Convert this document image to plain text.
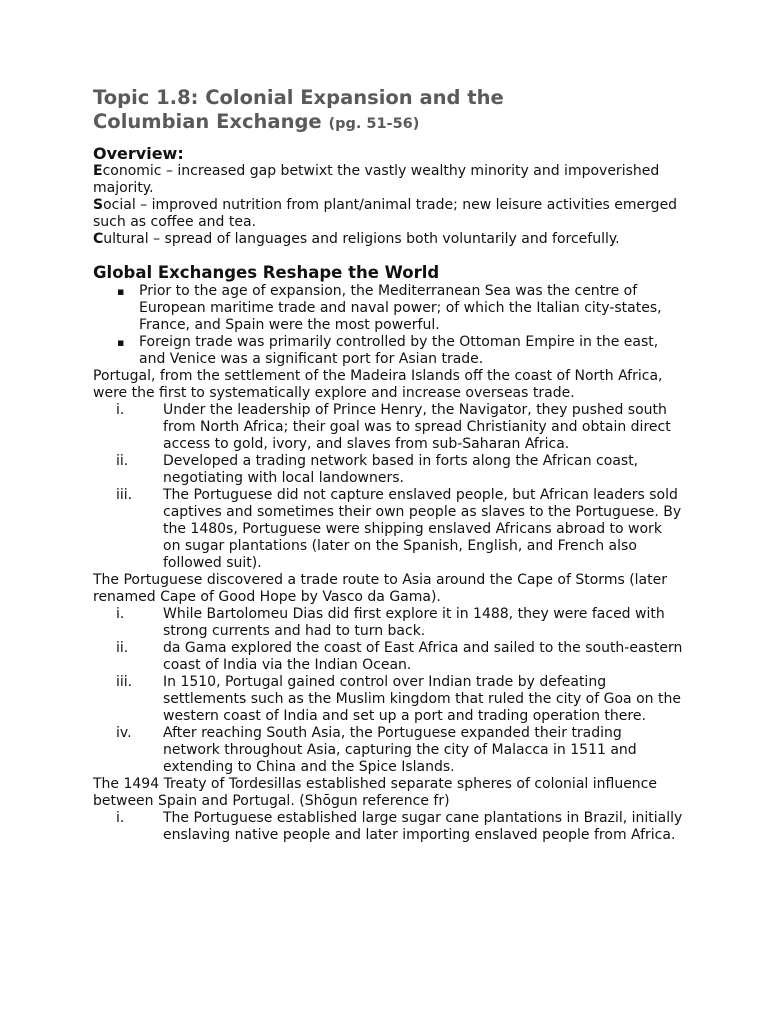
Topic 1.8: Colonial Expansion and the
Columbian Exchange (pg. 51-56)
Overview:
Economic – increased gap betwixt the vastly wealthy minority and impoverished majority.
Social – improved nutrition from plant/animal trade; new leisure activities emerged such as coffee and tea.
Cultural – spread of languages and religions both voluntarily and forcefully.
Global Exchanges Reshape the World
▪ Prior to the age of expansion, the Mediterranean Sea was the centre of European maritime trade and naval power; of which the Italian city-states, France, and Spain were the most powerful.
▪ Foreign trade was primarily controlled by the Ottoman Empire in the east, and Venice was a significant port for Asian trade.
Portugal, from the settlement of the Madeira Islands off the coast of North Africa, were the first to systematically explore and increase overseas trade.
i.	Under the leadership of Prince Henry, the Navigator, they pushed south from North Africa; their goal was to spread Christianity and obtain direct access to gold, ivory, and slaves from sub-Saharan Africa.
ii. Developed a trading network based in forts along the African coast, negotiating with local landowners.
iii. The Portuguese did not capture enslaved people, but African leaders sold captives and sometimes their own people as slaves to the Portuguese. By the 1480s, Portuguese were shipping enslaved Africans abroad to work on sugar plantations (later on the Spanish, English, and French also followed suit).
The Portuguese discovered a trade route to Asia around the Cape of Storms (later renamed Cape of Good Hope by Vasco da Gama).
i.	While Bartolomeu Dias did first explore it in 1488, they were faced with strong currents and had to turn back.
ii. da Gama explored the coast of East Africa and sailed to the south-eastern coast of India via the Indian Ocean.
iii. In 1510, Portugal gained control over Indian trade by defeating settlements such as the Muslim kingdom that ruled the city of Goa on the western coast of India and set up a port and trading operation there.
iv. After reaching South Asia, the Portuguese expanded their trading network throughout Asia, capturing the city of Malacca in 1511 and extending to China and the Spice Islands.
The 1494 Treaty of Tordesillas established separate spheres of colonial influence between Spain and Portugal. (Shōgun reference fr)
i.	The Portuguese established large sugar cane plantations in Brazil, initially enslaving native people and later importing enslaved people from Africa.
